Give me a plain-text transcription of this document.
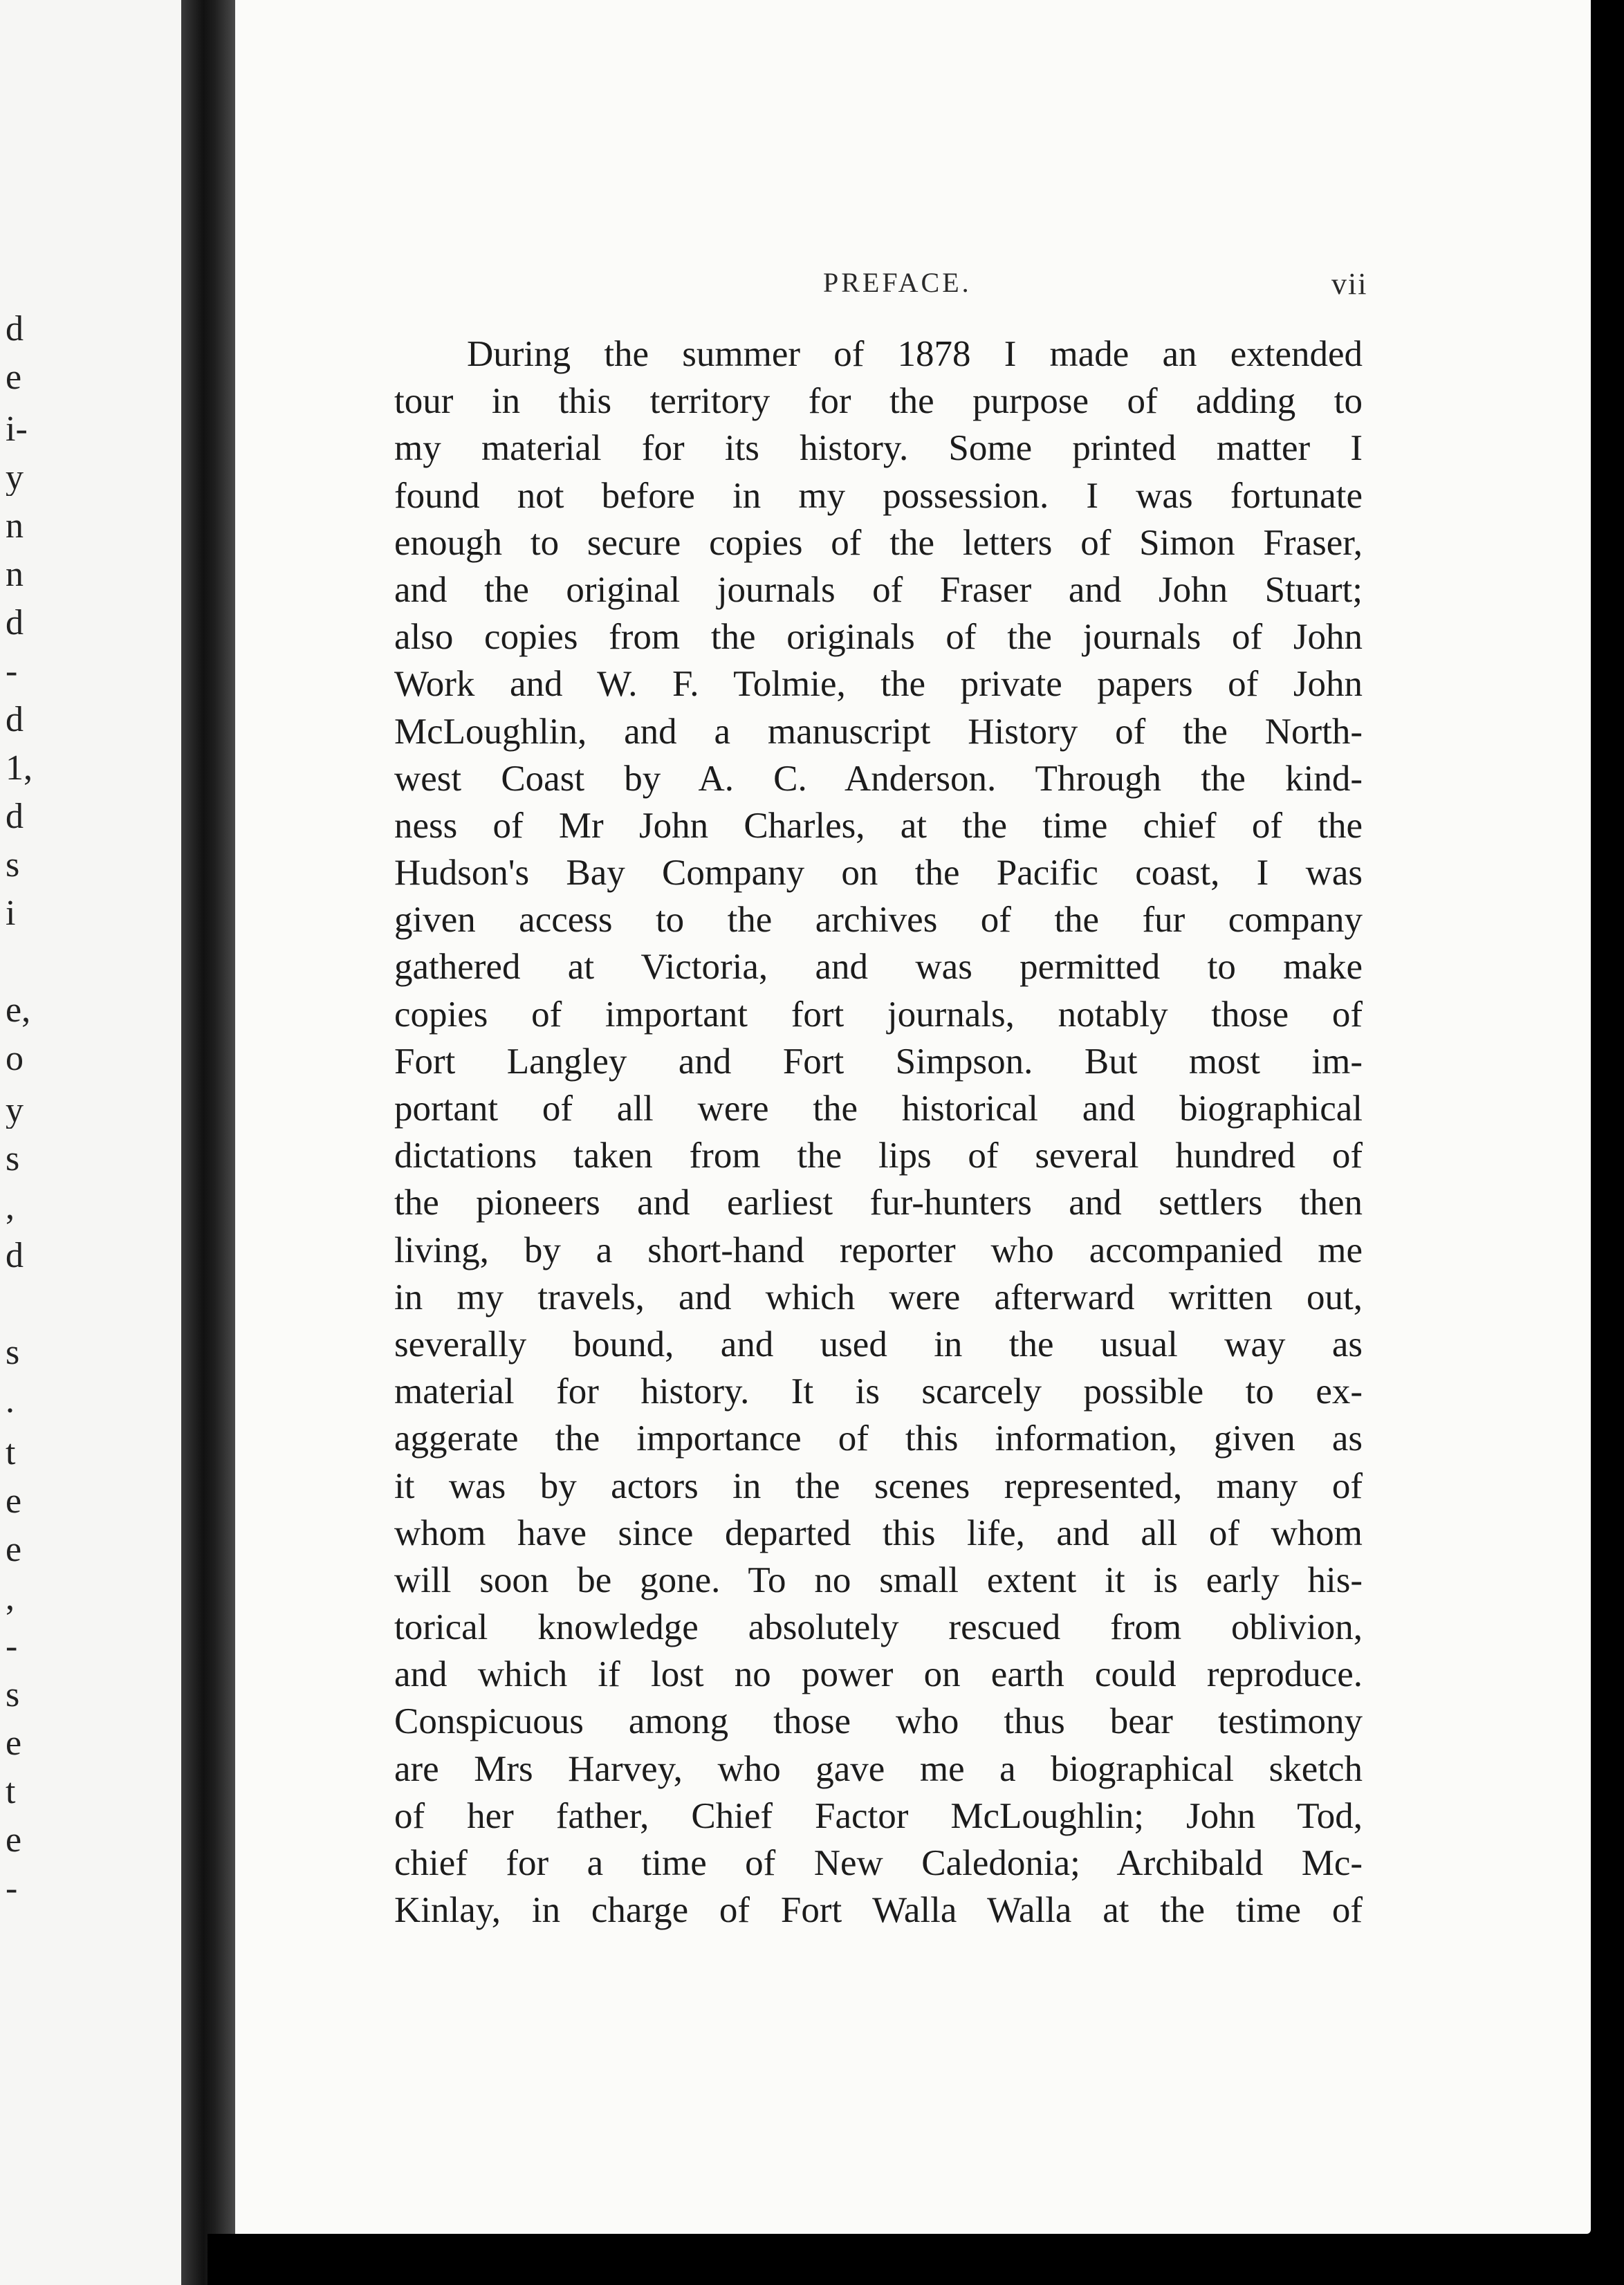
d
e
i-
y
n
n
d
-
d
1,
d
s
i
e,
o
y
s
,
d
s
.
t
e
e
,
-
s
e
t
e
-
PREFACE.	vii
During the summer of 1878 I made an extended
tour in this territory for the purpose of adding to
my material for its history. Some printed matter I
found not before in my possession. I was fortunate
enough to secure copies of the letters of Simon Fraser,
and the original journals of Fraser and John Stuart;
also copies from the originals of the journals of John
Work and W. F. Tolmie, the private papers of John
McLoughlin, and a manuscript History of the North-
west Coast by A. C. Anderson. Through the kind-
ness of Mr John Charles, at the time chief of the
Hudson's Bay Company on the Pacific coast, I was
given access to the archives of the fur company
gathered at Victoria, and was permitted to make
copies of important fort journals, notably those of
Fort Langley and Fort Simpson. But most im-
portant of all were the historical and biographical
dictations taken from the lips of several hundred of
the pioneers and earliest fur-hunters and settlers then
living, by a short-hand reporter who accompanied me
in my travels, and which were afterward written out,
severally bound, and used in the usual way as
material for history. It is scarcely possible to ex-
aggerate the importance of this information, given as
it was by actors in the scenes represented, many of
whom have since departed this life, and all of whom
will soon be gone. To no small extent it is early his-
torical knowledge absolutely rescued from oblivion,
and which if lost no power on earth could reproduce.
Conspicuous among those who thus bear testimony
are Mrs Harvey, who gave me a biographical sketch
of her father, Chief Factor McLoughlin; John Tod,
chief for a time of New Caledonia; Archibald Mc-
Kinlay, in charge of Fort Walla Walla at the time of
